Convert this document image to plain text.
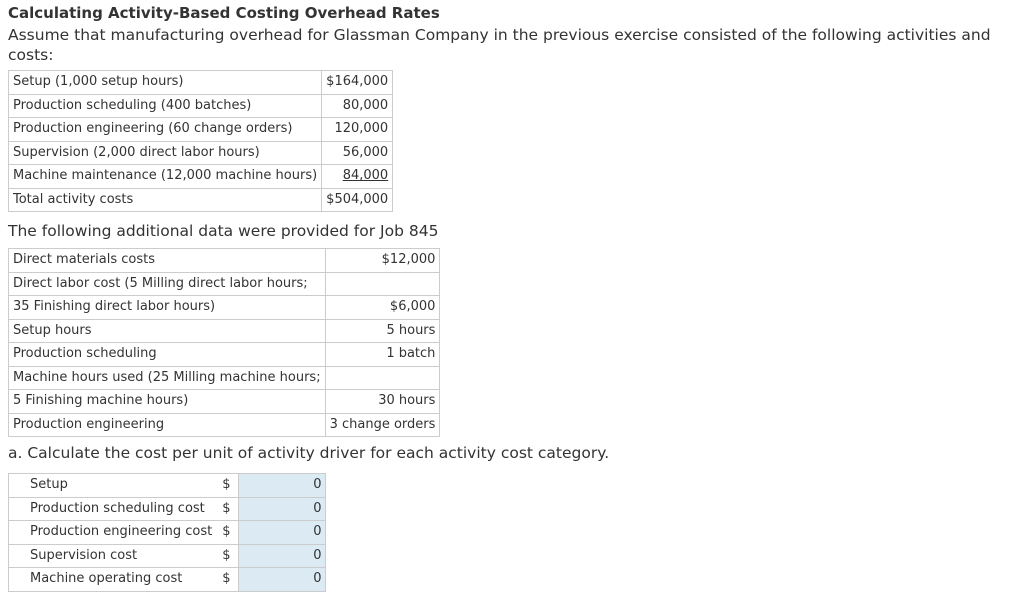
Calculating Activity-Based Costing Overhead Rates

Assume that manufacturing overhead for Glassman Company in the previous exercise consisted of the following activities and costs:

Setup (1,000 setup hours)	$164,000
Production scheduling (400 batches)	80,000
Production engineering (60 change orders)	120,000
Supervision (2,000 direct labor hours)	56,000
Machine maintenance (12,000 machine hours)	84,000
Total activity costs	$504,000

The following additional data were provided for Job 845

Direct materials costs	$12,000
Direct labor cost (5 Milling direct labor hours;	
35 Finishing direct labor hours)	$6,000
Setup hours	5 hours
Production scheduling	1 batch
Machine hours used (25 Milling machine hours;	
5 Finishing machine hours)	30 hours
Production engineering	3 change orders

a. Calculate the cost per unit of activity driver for each activity cost category.

Setup	$	0
Production scheduling cost	$	0
Production engineering cost	$	0
Supervision cost	$	0
Machine operating cost	$	0
